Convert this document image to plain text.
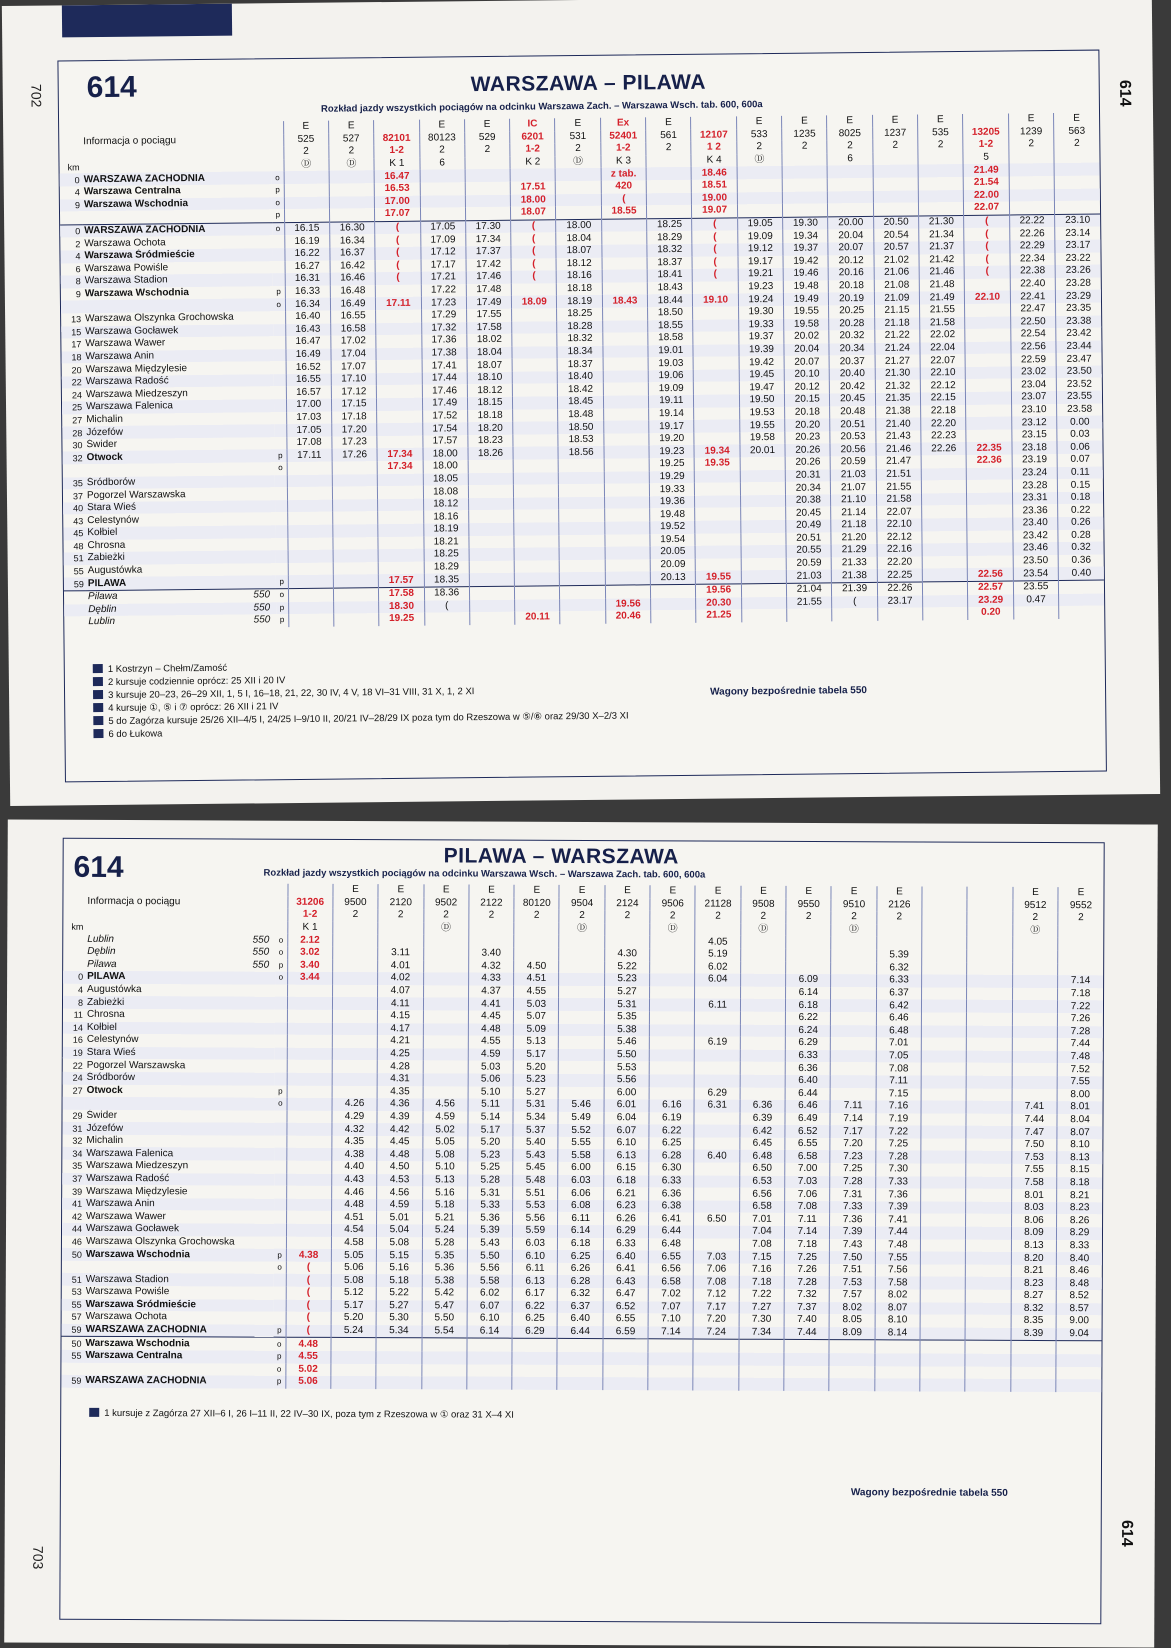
702	614
614	WARSZAWA – PILAWA
Rozkład jazdy wszystkich pociągów na odcinku Warszawa Zach. – Warszawa Wsch. tab. 600, 600a
			E	E		E	E	IC	E	Ex	E		E	E	E	E	E		E	E
	Informacja o pociągu		525	527	82101	80123	529	6201	531	52401	561	12107	533	1235	8025	1237	535	13205	1239	563
			2	2	1-2	2	2	1-2	2	1-2	2	1 2	2	2	2	2	2	1-2	2	2
km			Ⓓ	Ⓓ	K 1	6		K 2	Ⓓ	K 3		K 4	Ⓓ		6			5		
0	WARSZAWA ZACHODNIA	o			16.47					z tab.		18.46						21.49		
4	Warszawa Centralna	p			16.53			17.51		420		18.51						21.54		
9	Warszawa Wschodnia	o			17.00			18.00		(		19.00						22.00		
		p			17.07			18.07		18.55		19.07						22.07		
0	WARSZAWA ZACHODNIA	o	16.15	16.30	(	17.05	17.30	(	18.00		18.25	(	19.05	19.30	20.00	20.50	21.30	(	22.22	23.10
2	Warszawa Ochota		16.19	16.34	(	17.09	17.34	(	18.04		18.29	(	19.09	19.34	20.04	20.54	21.34	(	22.26	23.14
4	Warszawa Śródmieście		16.22	16.37	(	17.12	17.37	(	18.07		18.32	(	19.12	19.37	20.07	20.57	21.37	(	22.29	23.17
6	Warszawa Powiśle		16.27	16.42	(	17.17	17.42	(	18.12		18.37	(	19.17	19.42	20.12	21.02	21.42	(	22.34	23.22
8	Warszawa Stadion		16.31	16.46	(	17.21	17.46	(	18.16		18.41	(	19.21	19.46	20.16	21.06	21.46	(	22.38	23.26
9	Warszawa Wschodnia	p	16.33	16.48		17.22	17.48		18.18		18.43		19.23	19.48	20.18	21.08	21.48		22.40	23.28
		o	16.34	16.49	17.11	17.23	17.49	18.09	18.19	18.43	18.44	19.10	19.24	19.49	20.19	21.09	21.49	22.10	22.41	23.29
13	Warszawa Olszynka Grochowska		16.40	16.55		17.29	17.55		18.25		18.50		19.30	19.55	20.25	21.15	21.55		22.47	23.35
15	Warszawa Gocławek		16.43	16.58		17.32	17.58		18.28		18.55		19.33	19.58	20.28	21.18	21.58		22.50	23.38
17	Warszawa Wawer		16.47	17.02		17.36	18.02		18.32		18.58		19.37	20.02	20.32	21.22	22.02		22.54	23.42
18	Warszawa Anin		16.49	17.04		17.38	18.04		18.34		19.01		19.39	20.04	20.34	21.24	22.04		22.56	23.44
20	Warszawa Międzylesie		16.52	17.07		17.41	18.07		18.37		19.03		19.42	20.07	20.37	21.27	22.07		22.59	23.47
22	Warszawa Radość		16.55	17.10		17.44	18.10		18.40		19.06		19.45	20.10	20.40	21.30	22.10		23.02	23.50
24	Warszawa Miedzeszyn		16.57	17.12		17.46	18.12		18.42		19.09		19.47	20.12	20.42	21.32	22.12		23.04	23.52
25	Warszawa Falenica		17.00	17.15		17.49	18.15		18.45		19.11		19.50	20.15	20.45	21.35	22.15		23.07	23.55
27	Michalin		17.03	17.18		17.52	18.18		18.48		19.14		19.53	20.18	20.48	21.38	22.18		23.10	23.58
28	Józefów		17.05	17.20		17.54	18.20		18.50		19.17		19.55	20.20	20.51	21.40	22.20		23.12	0.00
30	Świder		17.08	17.23		17.57	18.23		18.53		19.20		19.58	20.23	20.53	21.43	22.23		23.15	0.03
32	Otwock	p	17.11	17.26	17.34	18.00	18.26		18.56		19.23	19.34	20.01	20.26	20.56	21.46	22.26	22.35	23.18	0.06
		o			17.34	18.00					19.25	19.35		20.26	20.59	21.47		22.36	23.19	0.07
35	Śródborów					18.05					19.29			20.31	21.03	21.51			23.24	0.11
37	Pogorzel Warszawska					18.08					19.33			20.34	21.07	21.55			23.28	0.15
40	Stara Wieś					18.12					19.36			20.38	21.10	21.58			23.31	0.18
43	Celestynów					18.16					19.48			20.45	21.14	22.07			23.36	0.22
45	Kołbiel					18.19					19.52			20.49	21.18	22.10			23.40	0.26
48	Chrosna					18.21					19.54			20.51	21.20	22.12			23.42	0.28
51	Zabieżki					18.25					20.05			20.55	21.29	22.16			23.46	0.32
55	Augustówka					18.29					20.09			20.59	21.33	22.20			23.50	0.36
59	PILAWA	p			17.57	18.35					20.13	19.55		21.03	21.38	22.25		22.56	23.54	0.40
	Pilawa 550	o			17.58	18.36						19.56		21.04	21.39	22.26		22.57	23.55	
	Dęblin 550	p			18.30	(				19.56		20.30		21.55	(	23.17		23.29	0.47	
	Lublin 550	p			19.25			20.11		20.46		21.25						0.20		
1 Kostrzyn – Chełm/Zamość
2 kursuje codziennie oprócz: 25 XII i 20 IV
3 kursuje 20–23, 26–29 XII, 1, 5 I, 16–18, 21, 22, 30 IV, 4 V, 18 VI–31 VIII, 31 X, 1, 2 XI
4 kursuje ①, ⑤ i ⑦ oprócz: 26 XII i 21 IV
5 do Zagórza kursuje 25/26 XII–4/5 I, 24/25 I–9/10 II, 20/21 IV–28/29 IX poza tym do Rzeszowa w ⑤/⑥ oraz 29/30 X–2/3 XI
6 do Łukowa
Wagony bezpośrednie tabela 550
703
614
614	PILAWA – WARSZAWA
Rozkład jazdy wszystkich pociągów na odcinku Warszawa Wsch. – Warszawa Zach. tab. 600, 600a
				E	E	E	E	E	E	E	E	E	E	E	E	E			E	E
	Informacja o pociągu		31206	9500	2120	9502	2122	80120	9504	2124	9506	21128	9508	9550	9510	2126			9512	9552
			1-2	2	2	2	2	2	2	2	2	2	2	2	2	2			2	2
km			K 1			Ⓓ			Ⓓ		Ⓓ		Ⓓ		Ⓓ				Ⓓ	
	Lublin 550	o	2.12									4.05								
	Dęblin 550	o	3.02		3.11		3.40			4.30		5.19				5.39				
	Pilawa 550	p	3.40		4.01		4.32	4.50		5.22		6.02				6.32				
0	PILAWA	o	3.44		4.02		4.33	4.51		5.23		6.04		6.09		6.33				7.14
4	Augustówka				4.07		4.37	4.55		5.27				6.14		6.37				7.18
8	Zabieżki				4.11		4.41	5.03		5.31		6.11		6.18		6.42				7.22
11	Chrosna				4.15		4.45	5.07		5.35				6.22		6.46				7.26
14	Kołbiel				4.17		4.48	5.09		5.38				6.24		6.48				7.28
16	Celestynów				4.21		4.55	5.13		5.46		6.19		6.29		7.01				7.44
19	Stara Wieś				4.25		4.59	5.17		5.50				6.33		7.05				7.48
22	Pogorzel Warszawska				4.28		5.03	5.20		5.53				6.36		7.08				7.52
24	Śródborów				4.31		5.06	5.23		5.56				6.40		7.11				7.55
27	Otwock	p			4.35		5.10	5.27		6.00		6.29		6.44		7.15				8.00
		o		4.26	4.36	4.56	5.11	5.31	5.46	6.01	6.16	6.31	6.36	6.46	7.11	7.16			7.41	8.01
29	Świder			4.29	4.39	4.59	5.14	5.34	5.49	6.04	6.19		6.39	6.49	7.14	7.19			7.44	8.04
31	Józefów			4.32	4.42	5.02	5.17	5.37	5.52	6.07	6.22		6.42	6.52	7.17	7.22			7.47	8.07
32	Michalin			4.35	4.45	5.05	5.20	5.40	5.55	6.10	6.25		6.45	6.55	7.20	7.25			7.50	8.10
34	Warszawa Falenica			4.38	4.48	5.08	5.23	5.43	5.58	6.13	6.28	6.40	6.48	6.58	7.23	7.28			7.53	8.13
35	Warszawa Miedzeszyn			4.40	4.50	5.10	5.25	5.45	6.00	6.15	6.30		6.50	7.00	7.25	7.30			7.55	8.15
37	Warszawa Radość			4.43	4.53	5.13	5.28	5.48	6.03	6.18	6.33		6.53	7.03	7.28	7.33			7.58	8.18
39	Warszawa Międzylesie			4.46	4.56	5.16	5.31	5.51	6.06	6.21	6.36		6.56	7.06	7.31	7.36			8.01	8.21
41	Warszawa Anin			4.48	4.59	5.18	5.33	5.53	6.08	6.23	6.38		6.58	7.08	7.33	7.39			8.03	8.23
42	Warszawa Wawer			4.51	5.01	5.21	5.36	5.56	6.11	6.26	6.41	6.50	7.01	7.11	7.36	7.41			8.06	8.26
44	Warszawa Gocławek			4.54	5.04	5.24	5.39	5.59	6.14	6.29	6.44		7.04	7.14	7.39	7.44			8.09	8.29
46	Warszawa Olszynka Grochowska			4.58	5.08	5.28	5.43	6.03	6.18	6.33	6.48		7.08	7.18	7.43	7.48			8.13	8.33
50	Warszawa Wschodnia	p	4.38	5.05	5.15	5.35	5.50	6.10	6.25	6.40	6.55	7.03	7.15	7.25	7.50	7.55			8.20	8.40
		o	(	5.06	5.16	5.36	5.56	6.11	6.26	6.41	6.56	7.06	7.16	7.26	7.51	7.56			8.21	8.46
51	Warszawa Stadion		(	5.08	5.18	5.38	5.58	6.13	6.28	6.43	6.58	7.08	7.18	7.28	7.53	7.58			8.23	8.48
53	Warszawa Powiśle		(	5.12	5.22	5.42	6.02	6.17	6.32	6.47	7.02	7.12	7.22	7.32	7.57	8.02			8.27	8.52
55	Warszawa Śródmieście		(	5.17	5.27	5.47	6.07	6.22	6.37	6.52	7.07	7.17	7.27	7.37	8.02	8.07			8.32	8.57
57	Warszawa Ochota		(	5.20	5.30	5.50	6.10	6.25	6.40	6.55	7.10	7.20	7.30	7.40	8.05	8.10			8.35	9.00
59	WARSZAWA ZACHODNIA	p	(	5.24	5.34	5.54	6.14	6.29	6.44	6.59	7.14	7.24	7.34	7.44	8.09	8.14			8.39	9.04
50	Warszawa Wschodnia	o	4.48																	
55	Warszawa Centralna	p	4.55																	
		o	5.02																	
59	WARSZAWA ZACHODNIA	p	5.06																	
1 kursuje z Zagórza 27 XII–6 I, 26 I–11 II, 22 IV–30 IX, poza tym z Rzeszowa w ① oraz 31 X–4 XI
Wagony bezpośrednie tabela 550
